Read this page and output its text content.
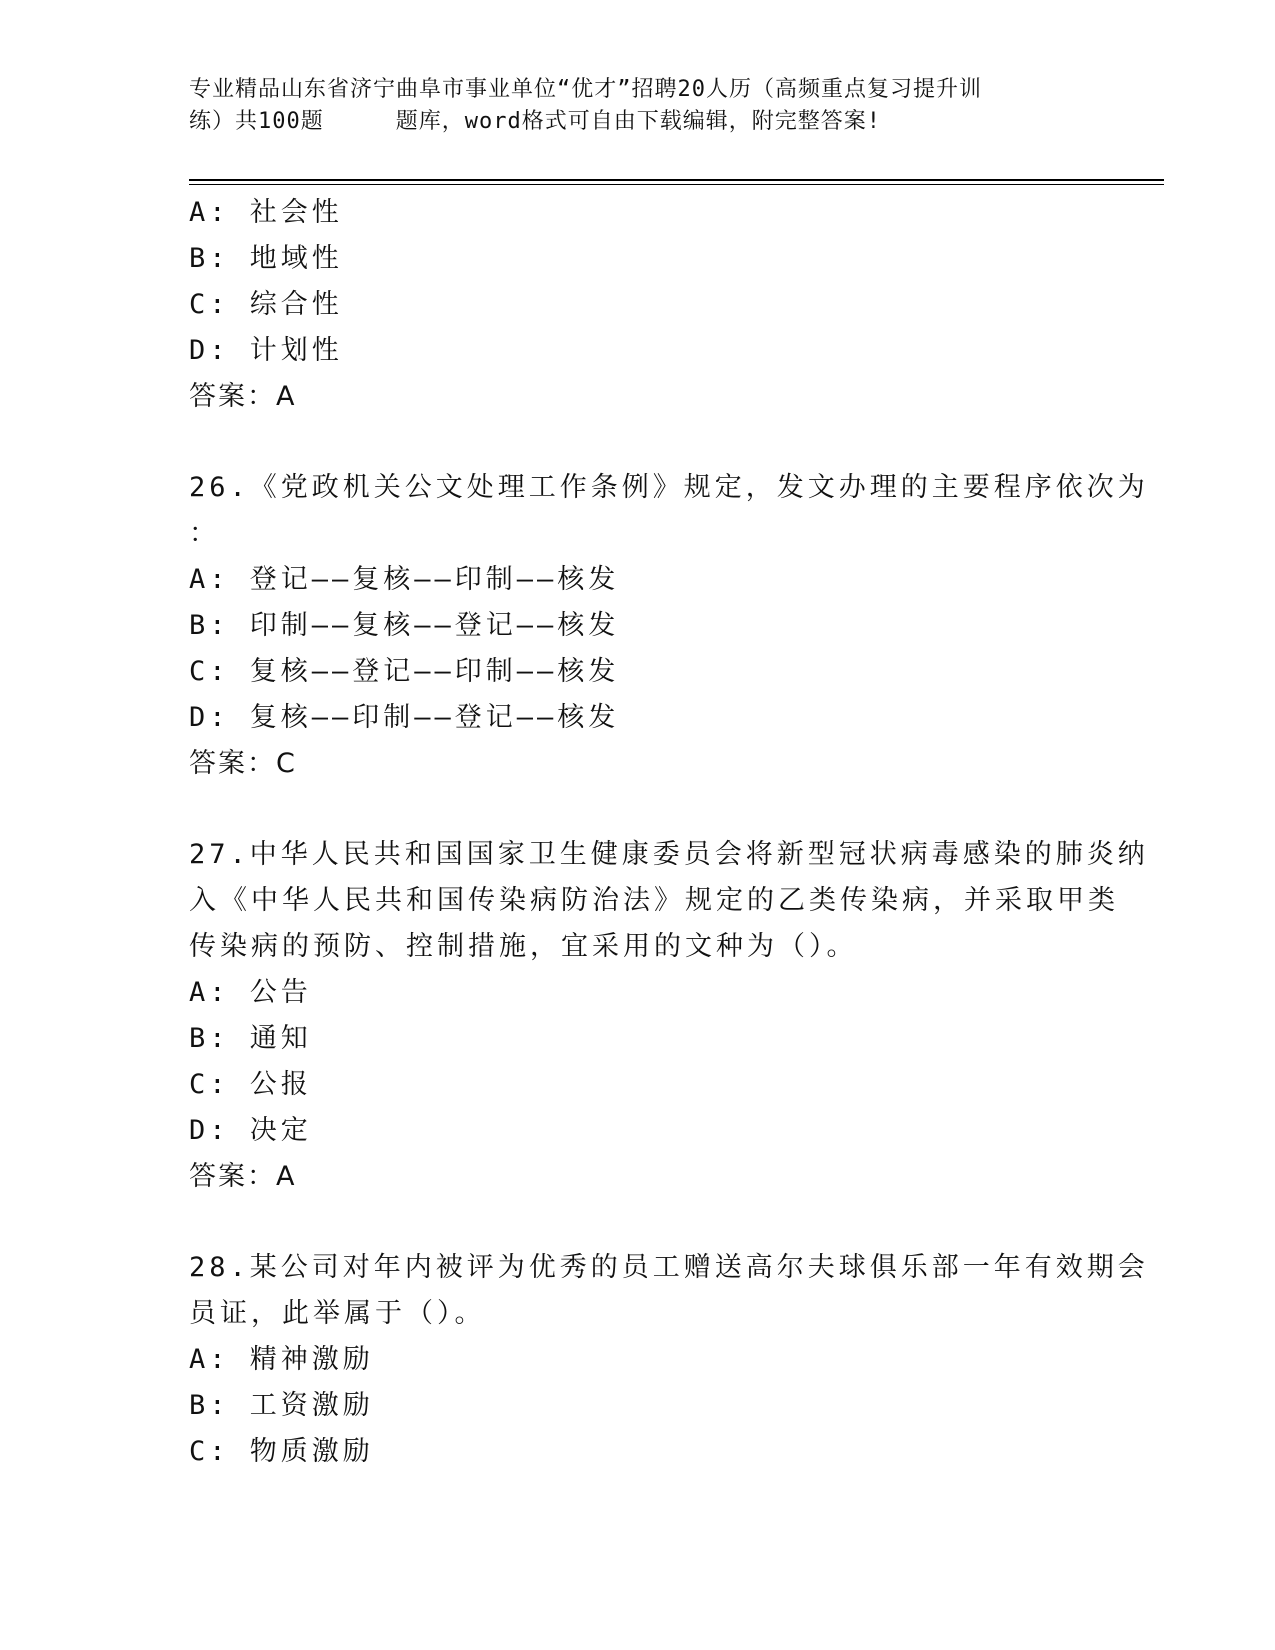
专业精品山东省济宁曲阜市事业单位“优才”招聘20人历（高频重点复习提升训
练）共100题	题库，word格式可自由下载编辑，附完整答案!
A: 社会性
B: 地域性
C: 综合性
D: 计划性
答案：A
26.《党政机关公文处理工作条例》规定，发文办理的主要程序依次为
：
A: 登记——复核——印制——核发
B: 印制——复核——登记——核发
C: 复核——登记——印制——核发
D: 复核——印制——登记——核发
答案：C
27.中华人民共和国国家卫生健康委员会将新型冠状病毒感染的肺炎纳
入《中华人民共和国传染病防治法》规定的乙类传染病，并采取甲类
传染病的预防、控制措施，宜采用的文种为（）。
A: 公告
B: 通知
C: 公报
D: 决定
答案：A
28.某公司对年内被评为优秀的员工赠送高尔夫球俱乐部一年有效期会
员证，此举属于（）。
A: 精神激励
B: 工资激励
C: 物质激励
